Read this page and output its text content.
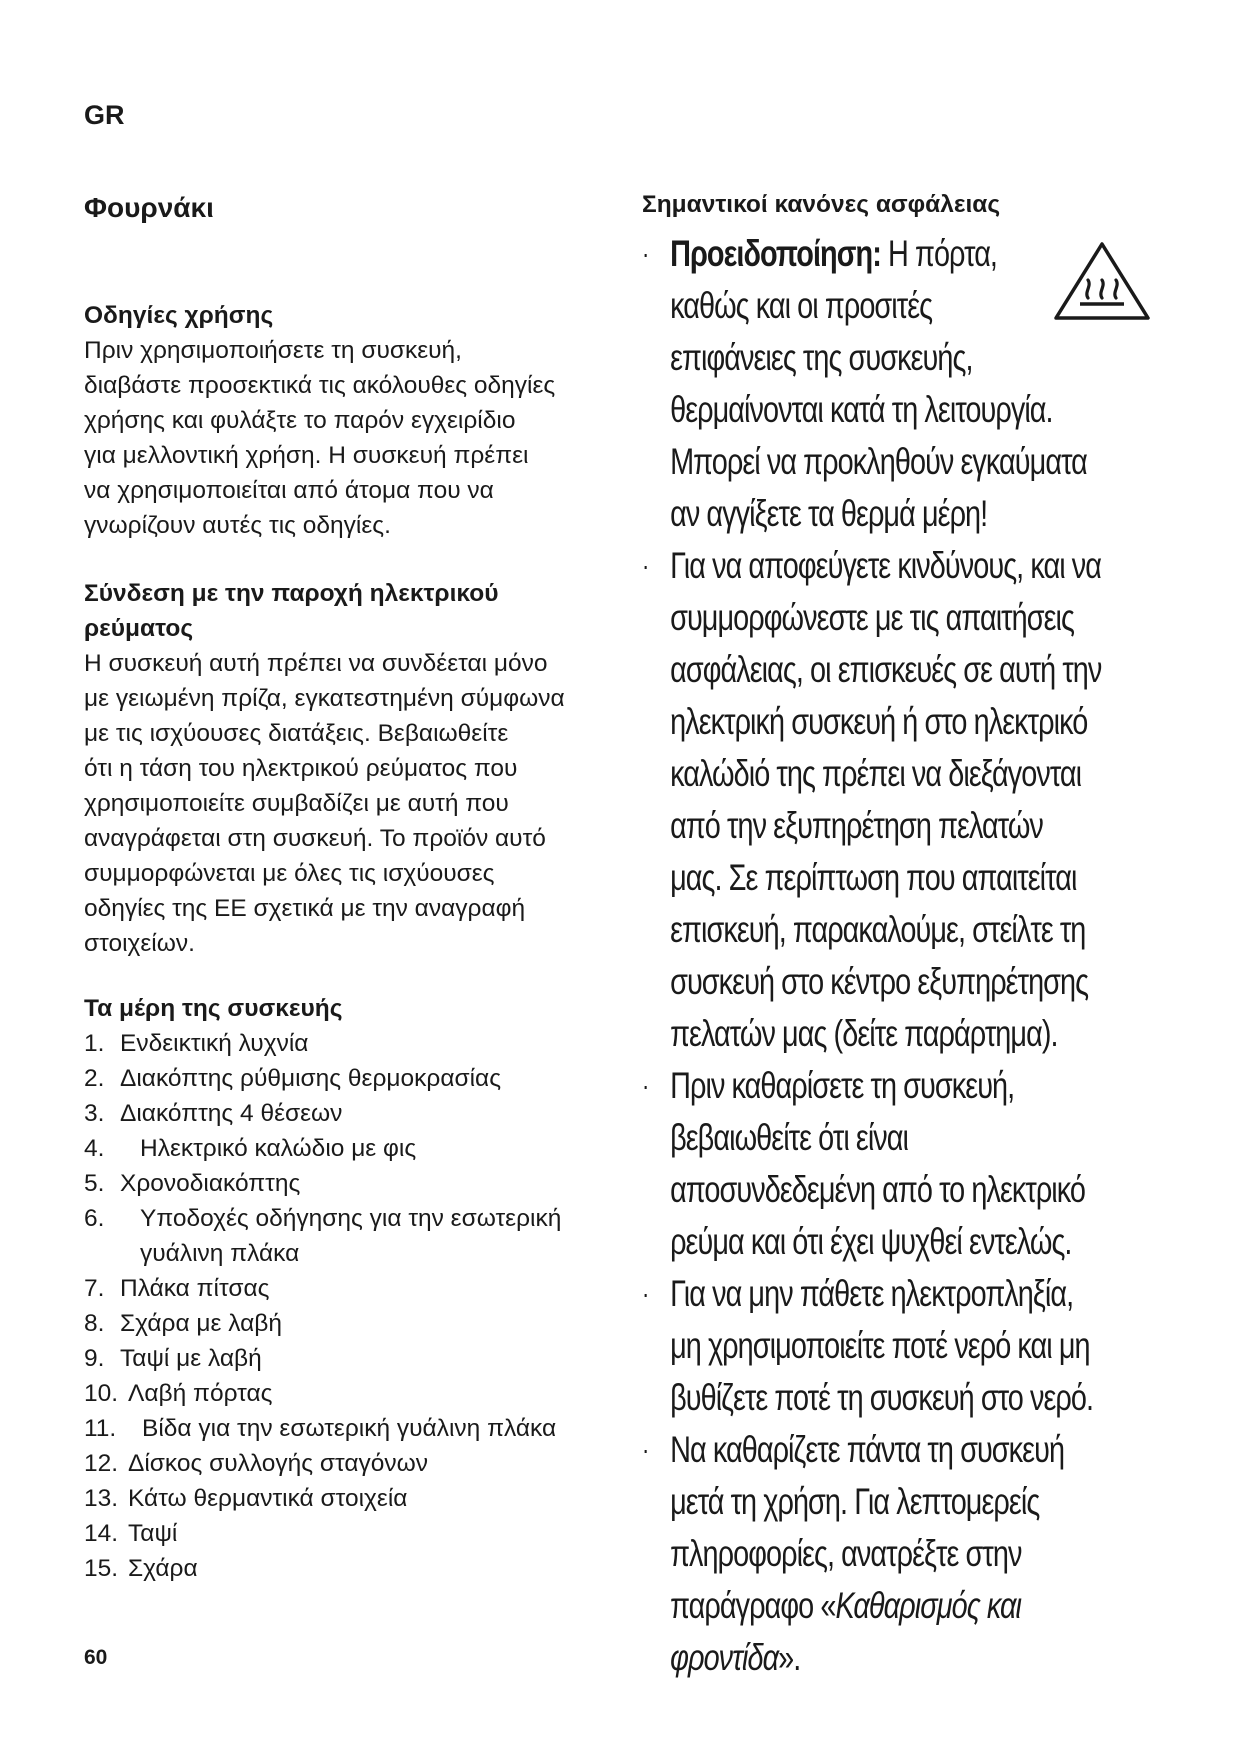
GR
Φουρνάκι
Οδηγίες χρήσης

Πριν χρησιμοποιήσετε τη συσκευή,

διαβάστε προσεκτικά τις ακόλουθες οδηγίες

χρήσης και φυλάξτε το παρόν εγχειρίδιο

για μελλοντική χρήση. Η συσκευή πρέπει

να χρησιμοποιείται από άτομα που να

γνωρίζουν αυτές τις οδηγίες.

Σύνδεση με την παροχή ηλεκτρικού
ρεύματος

Η συσκευή αυτή πρέπει να συνδέεται μόνο

με γειωμένη πρίζα, εγκατεστημένη σύμφωνα

με τις ισχύουσες διατάξεις. Βεβαιωθείτε

ότι η τάση του ηλεκτρικού ρεύματος που

χρησιμοποιείτε συμβαδίζει με αυτή που

αναγράφεται στη συσκευή. Το προϊόν αυτό

συμμορφώνεται με όλες τις ισχύουσες

οδηγίες της ΕΕ σχετικά με την αναγραφή

στοιχείων.

Τα μέρη της συσκευής
1. Ενδεικτική λυχνία
2. Διακόπτης ρύθμισης θερμοκρασίας
3. Διακόπτης 4 θέσεων
4.	Ηλεκτρικό καλώδιο με φις
5. Χρονοδιακόπτης
6.	Υποδοχές οδήγησης για την εσωτερική
γυάλινη πλάκα
7. Πλάκα πίτσας
8. Σχάρα με λαβή
9. Ταψί με λαβή
10. Λαβή πόρτας
11.	Βίδα για την εσωτερική γυάλινη πλάκα
12. Δίσκος συλλογής σταγόνων
13. Κάτω θερμαντικά στοιχεία
14. Ταψί
15. Σχάρα
60
Σημαντικοί κανόνες ασφάλειας
· Προειδοποίηση: Η πόρτα,
καθώς και οι προσιτές
επιφάνειες της συσκευής,
θερμαίνονται κατά τη λειτουργία.
Μπορεί να προκληθούν εγκαύματα
αν αγγίξετε τα θερμά μέρη!
· Για να αποφεύγετε κινδύνους, και να
συμμορφώνεστε με τις απαιτήσεις
ασφάλειας, οι επισκευές σε αυτή την
ηλεκτρική συσκευή ή στο ηλεκτρικό
καλώδιό της πρέπει να διεξάγονται
από την εξυπηρέτηση πελατών
μας. Σε περίπτωση που απαιτείται
επισκευή, παρακαλούμε, στείλτε τη
συσκευή στο κέντρο εξυπηρέτησης
πελατών μας (δείτε παράρτημα).
· Πριν καθαρίσετε τη συσκευή,
βεβαιωθείτε ότι είναι
αποσυνδεδεμένη από το ηλεκτρικό
ρεύμα και ότι έχει ψυχθεί εντελώς.
· Για να μην πάθετε ηλεκτροπληξία,
μη χρησιμοποιείτε ποτέ νερό και μη
βυθίζετε ποτέ τη συσκευή στο νερό.
· Να καθαρίζετε πάντα τη συσκευή
μετά τη χρήση. Για λεπτομερείς
πληροφορίες, ανατρέξτε στην
παράγραφο «Καθαρισμός και
φροντίδα».
